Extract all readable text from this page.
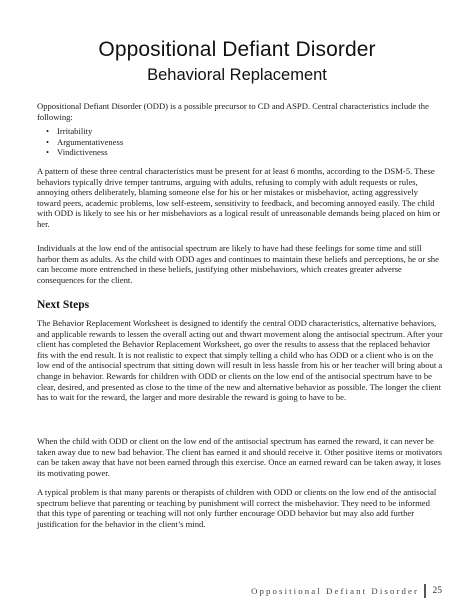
Oppositional Defiant Disorder
Behavioral Replacement

Oppositional Defiant Disorder (ODD) is a possible precursor to CD and ASPD. Central characteristics include the following:

• Irritability
• Argumentativeness
• Vindictiveness

A pattern of these three central characteristics must be present for at least 6 months, according to the DSM-5. These behaviors typically drive temper tantrums, arguing with adults, refusing to comply with adult requests or rules, annoying others deliberately, blaming someone else for his or her mistakes or misbehavior, acting aggressively toward peers, academic problems, low self-esteem, sensitivity to feedback, and becoming annoyed easily. The child with ODD is likely to see his or her misbehaviors as a logical result of unreasonable demands being placed on him or her.

Individuals at the low end of the antisocial spectrum are likely to have had these feelings for some time and still harbor them as adults. As the child with ODD ages and continues to maintain these beliefs and perceptions, he or she can become more entrenched in these beliefs, justifying other misbehaviors, which creates greater adverse consequences for the client.

Next Steps

The Behavior Replacement Worksheet is designed to identify the central ODD characteristics, alternative behaviors, and applicable rewards to lessen the overall acting out and thwart movement along the antisocial spectrum. After your client has completed the Behavior Replacement Worksheet, go over the results to assess that the replaced behavior fits with the end result. It is not realistic to expect that simply telling a child who has ODD or a client who is on the low end of the antisocial spectrum that sitting down will result in less hassle from his or her teacher will bring about a change in behavior. Rewards for children with ODD or clients on the low end of the antisocial spectrum have to be clear, desired, and presented as close to the time of the new and alternative behavior as possible. The longer the client has to wait for the reward, the larger and more desirable the reward is going to have to be.

When the child with ODD or client on the low end of the antisocial spectrum has earned the reward, it can never be taken away due to new bad behavior. The client has earned it and should receive it. Other positive items or motivators can be taken away that have not been earned through this exercise. Once an earned reward can be taken away, it loses its motivating power.

A typical problem is that many parents or therapists of children with ODD or clients on the low end of the antisocial spectrum believe that parenting or teaching by punishment will correct the misbehavior. They need to be informed that this type of parenting or teaching will not only further encourage ODD behavior but may also add further justification for the behavior in the client’s mind.

Oppositional Defiant Disorder 25
